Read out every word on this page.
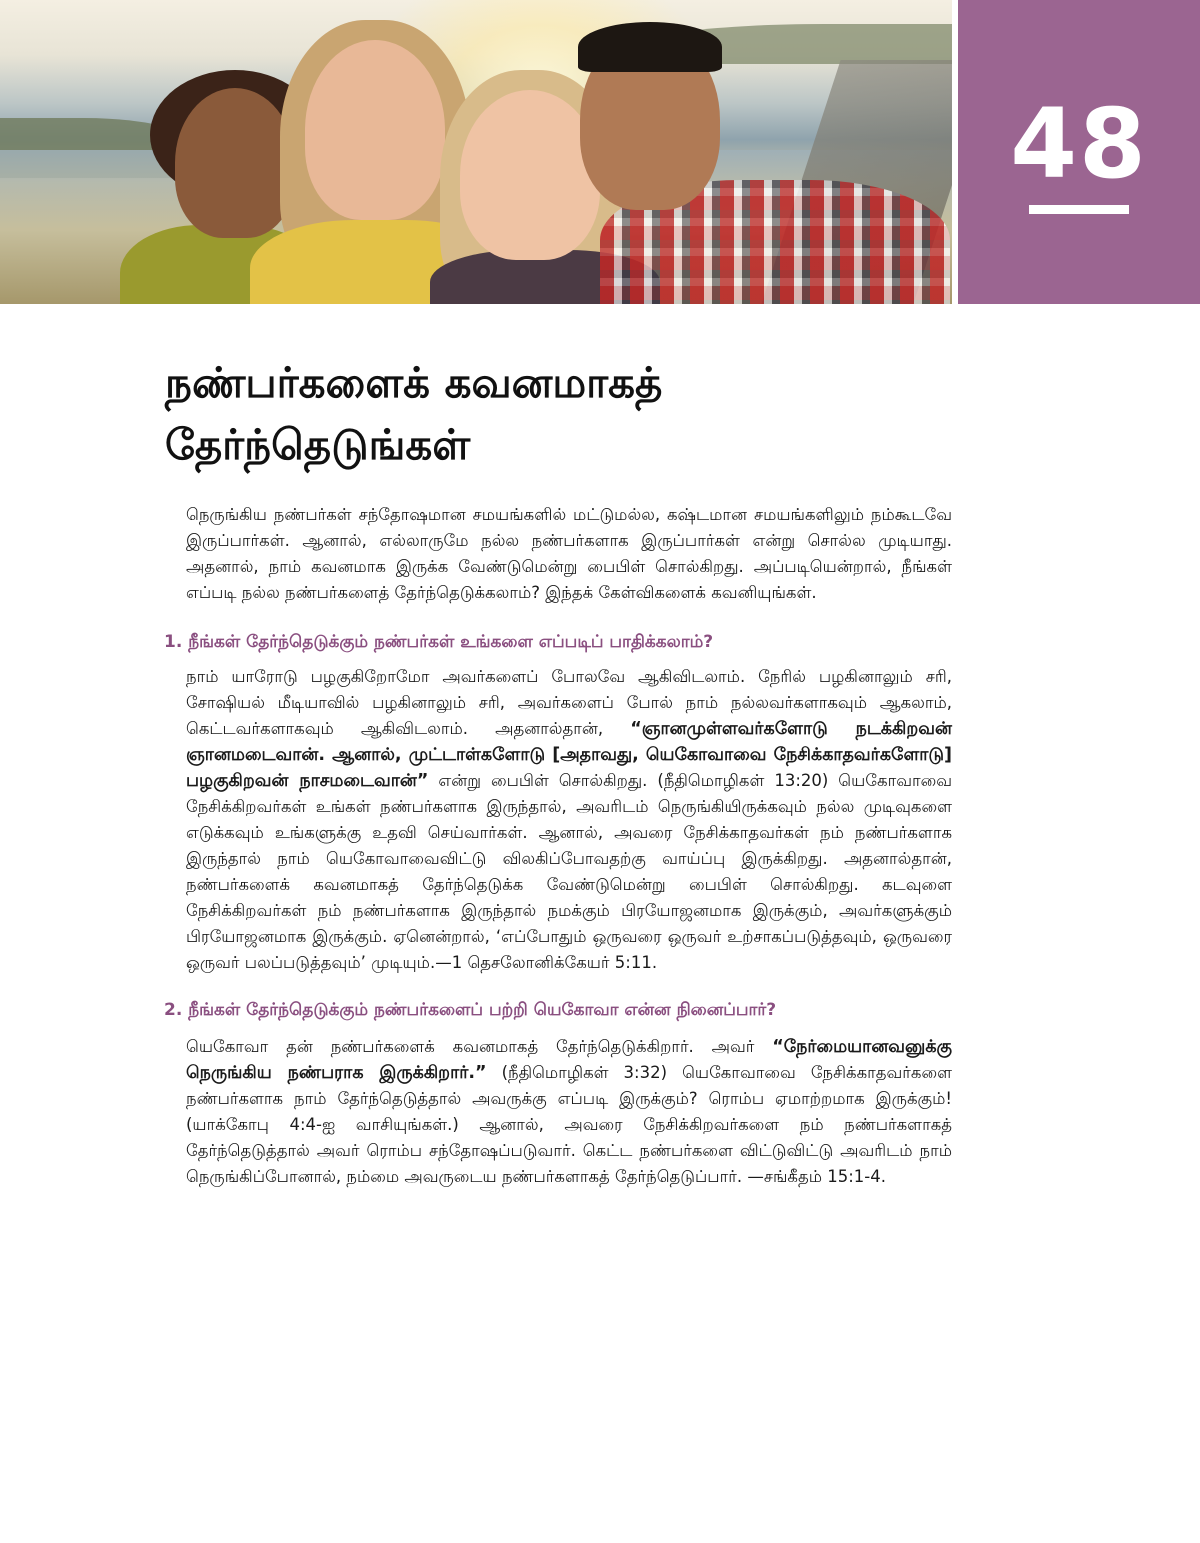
48
நண்பர்களைக் கவனமாகத் தேர்ந்தெடுங்கள்

நெருங்கிய நண்பர்கள் சந்தோஷமான சமயங்களில் மட்டுமல்ல, கஷ்டமான சமயங்களிலும் நம்கூடவே இருப்பார்கள். ஆனால், எல்லாருமே நல்ல நண்பர்களாக இருப்பார்கள் என்று சொல்ல முடியாது. அதனால், நாம் கவனமாக இருக்க வேண்டுமென்று பைபிள் சொல்கிறது. அப்படியென்றால், நீங்கள் எப்படி நல்ல நண்பர்களைத் தேர்ந்தெடுக்கலாம்? இந்தக் கேள்விகளைக் கவனியுங்கள்.

1. நீங்கள் தேர்ந்தெடுக்கும் நண்பர்கள் உங்களை எப்படிப் பாதிக்கலாம்?

நாம் யாரோடு பழகுகிறோமோ அவர்களைப் போலவே ஆகிவிடலாம். நேரில் பழகினாலும் சரி, சோஷியல் மீடியாவில் பழகினாலும் சரி, அவர்களைப் போல் நாம் நல்லவர்களாகவும் ஆகலாம், கெட்டவர்களாகவும் ஆகிவிடலாம். அதனால்தான், “ஞானமுள்ளவர்களோடு நடக்கிறவன் ஞானமடைவான். ஆனால், முட்டாள்களோடு [அதாவது, யெகோவாவை நேசிக்காதவர்களோடு] பழகுகிறவன் நாசமடைவான்” என்று பைபிள் சொல்கிறது. (நீதிமொழிகள் 13:20) யெகோவாவை நேசிக்கிறவர்கள் உங்கள் நண்பர்களாக இருந்தால், அவரிடம் நெருங்கியிருக்கவும் நல்ல முடிவுகளை எடுக்கவும் உங்களுக்கு உதவி செய்வார்கள். ஆனால், அவரை நேசிக்காதவர்கள் நம் நண்பர்களாக இருந்தால் நாம் யெகோவாவைவிட்டு விலகிப்போவதற்கு வாய்ப்பு இருக்கிறது. அதனால்தான், நண்பர்களைக் கவனமாகத் தேர்ந்தெடுக்க வேண்டுமென்று பைபிள் சொல்கிறது. கடவுளை நேசிக்கிறவர்கள் நம் நண்பர்களாக இருந்தால் நமக்கும் பிரயோஜனமாக இருக்கும், அவர்களுக்கும் பிரயோஜனமாக இருக்கும். ஏனென்றால், ‘எப்போதும் ஒருவரை ஒருவர் உற்சாகப்படுத்தவும், ஒருவரை ஒருவர் பலப்படுத்தவும்’ முடியும்.—1 தெசலோனிக்கேயர் 5:11.

2. நீங்கள் தேர்ந்தெடுக்கும் நண்பர்களைப் பற்றி யெகோவா என்ன நினைப்பார்?

யெகோவா தன் நண்பர்களைக் கவனமாகத் தேர்ந்தெடுக்கிறார். அவர் “நேர்மையானவனுக்கு நெருங்கிய நண்பராக இருக்கிறார்.” (நீதிமொழிகள் 3:32) யெகோவாவை நேசிக்காதவர்களை நண்பர்களாக நாம் தேர்ந்தெடுத்தால் அவருக்கு எப்படி இருக்கும்? ரொம்ப ஏமாற்றமாக இருக்கும்! (யாக்கோபு 4:4-ஐ வாசியுங்கள்.) ஆனால், அவரை நேசிக்கிறவர்களை நம் நண்பர்களாகத் தேர்ந்தெடுத்தால் அவர் ரொம்ப சந்தோஷப்படுவார். கெட்ட நண்பர்களை விட்டுவிட்டு அவரிடம் நாம் நெருங்கிப்போனால், நம்மை அவருடைய நண்பர்களாகத் தேர்ந்தெடுப்பார். —சங்கீதம் 15:1-4.
